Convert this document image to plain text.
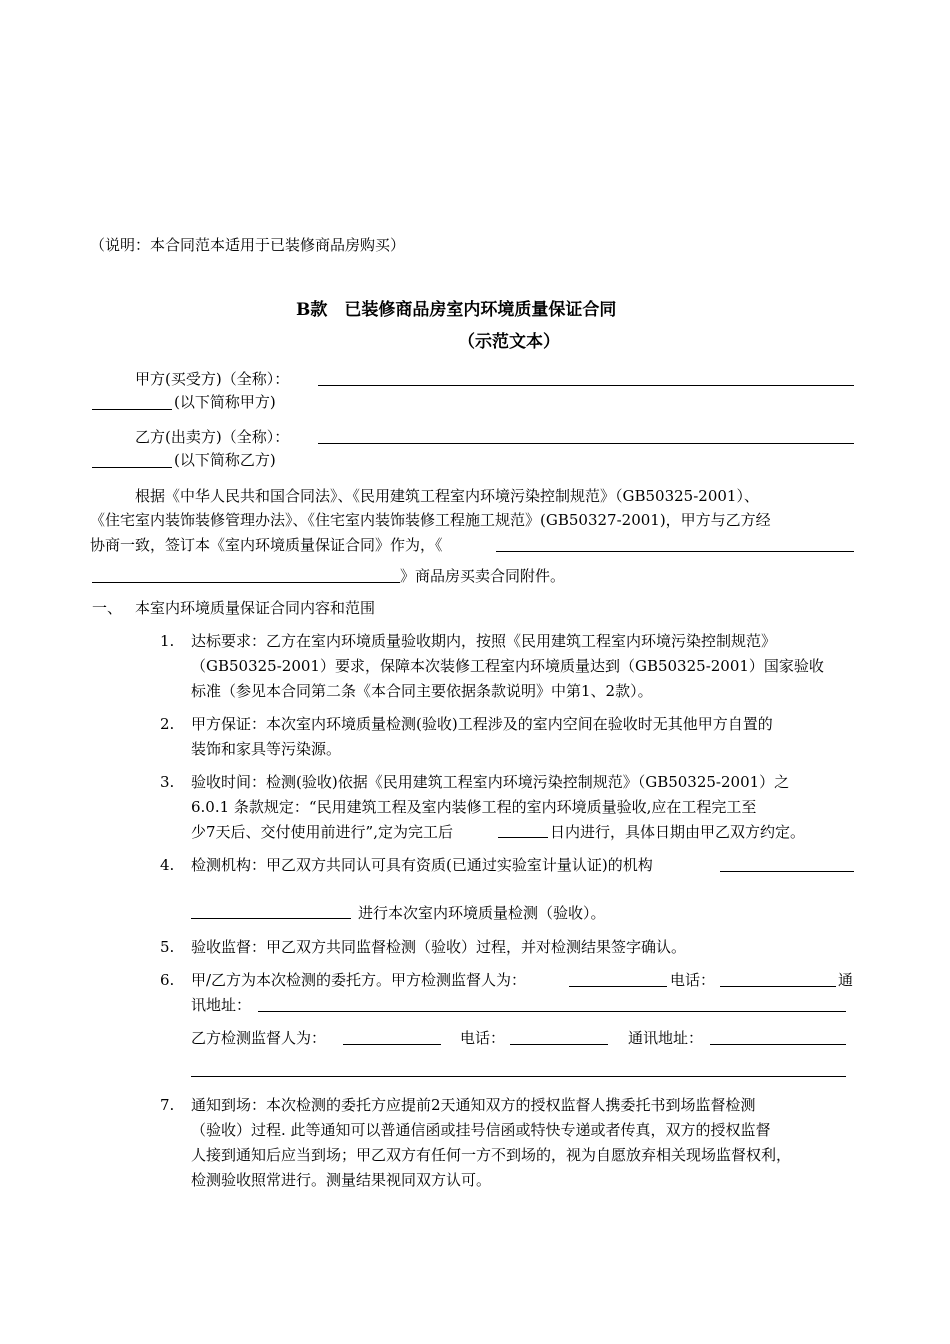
（说明：本合同范本适用于已装修商品房购买）
B款　已装修商品房室内环境质量保证合同
（示范文本）
甲方(买受方)（全称）：
(以下简称甲方)
乙方(出卖方)（全称）：
(以下简称乙方)
根据《中华人民共和国合同法》、《民用建筑工程室内环境污染控制规范》（GB50325-2001）、
《住宅室内装饰装修管理办法》、《住宅室内装饰装修工程施工规范》(GB50327-2001)，甲方与乙方经
协商一致，签订本《室内环境质量保证合同》作为，《
》商品房买卖合同附件。
一、 本室内环境质量保证合同内容和范围
1. 达标要求：乙方在室内环境质量验收期内，按照《民用建筑工程室内环境污染控制规范》
（GB50325-2001）要求，保障本次装修工程室内环境质量达到（GB50325-2001）国家验收
标准（参见本合同第二条《本合同主要依据条款说明》中第1、2款）。
2. 甲方保证：本次室内环境质量检测(验收)工程涉及的室内空间在验收时无其他甲方自置的
装饰和家具等污染源。
3. 验收时间：检测(验收)依据《民用建筑工程室内环境污染控制规范》（GB50325-2001）之
6.0.1 条款规定：“民用建筑工程及室内装修工程的室内环境质量验收,应在工程完工至
少7天后、交付使用前进行”,定为完工后	日内进行，具体日期由甲乙双方约定。
4. 检测机构：甲乙双方共同认可具有资质(已通过实验室计量认证)的机构
进行本次室内环境质量检测（验收）。
5. 验收监督：甲乙双方共同监督检测（验收）过程，并对检测结果签字确认。
6. 甲/乙方为本次检测的委托方。甲方检测监督人为：	电话：	通
讯地址：
乙方检测监督人为：	电话：	通讯地址：
7. 通知到场：本次检测的委托方应提前2天通知双方的授权监督人携委托书到场监督检测
（验收）过程. 此等通知可以普通信函或挂号信函或特快专递或者传真，双方的授权监督
人接到通知后应当到场；甲乙双方有任何一方不到场的，视为自愿放弃相关现场监督权利，
检测验收照常进行。测量结果视同双方认可。
